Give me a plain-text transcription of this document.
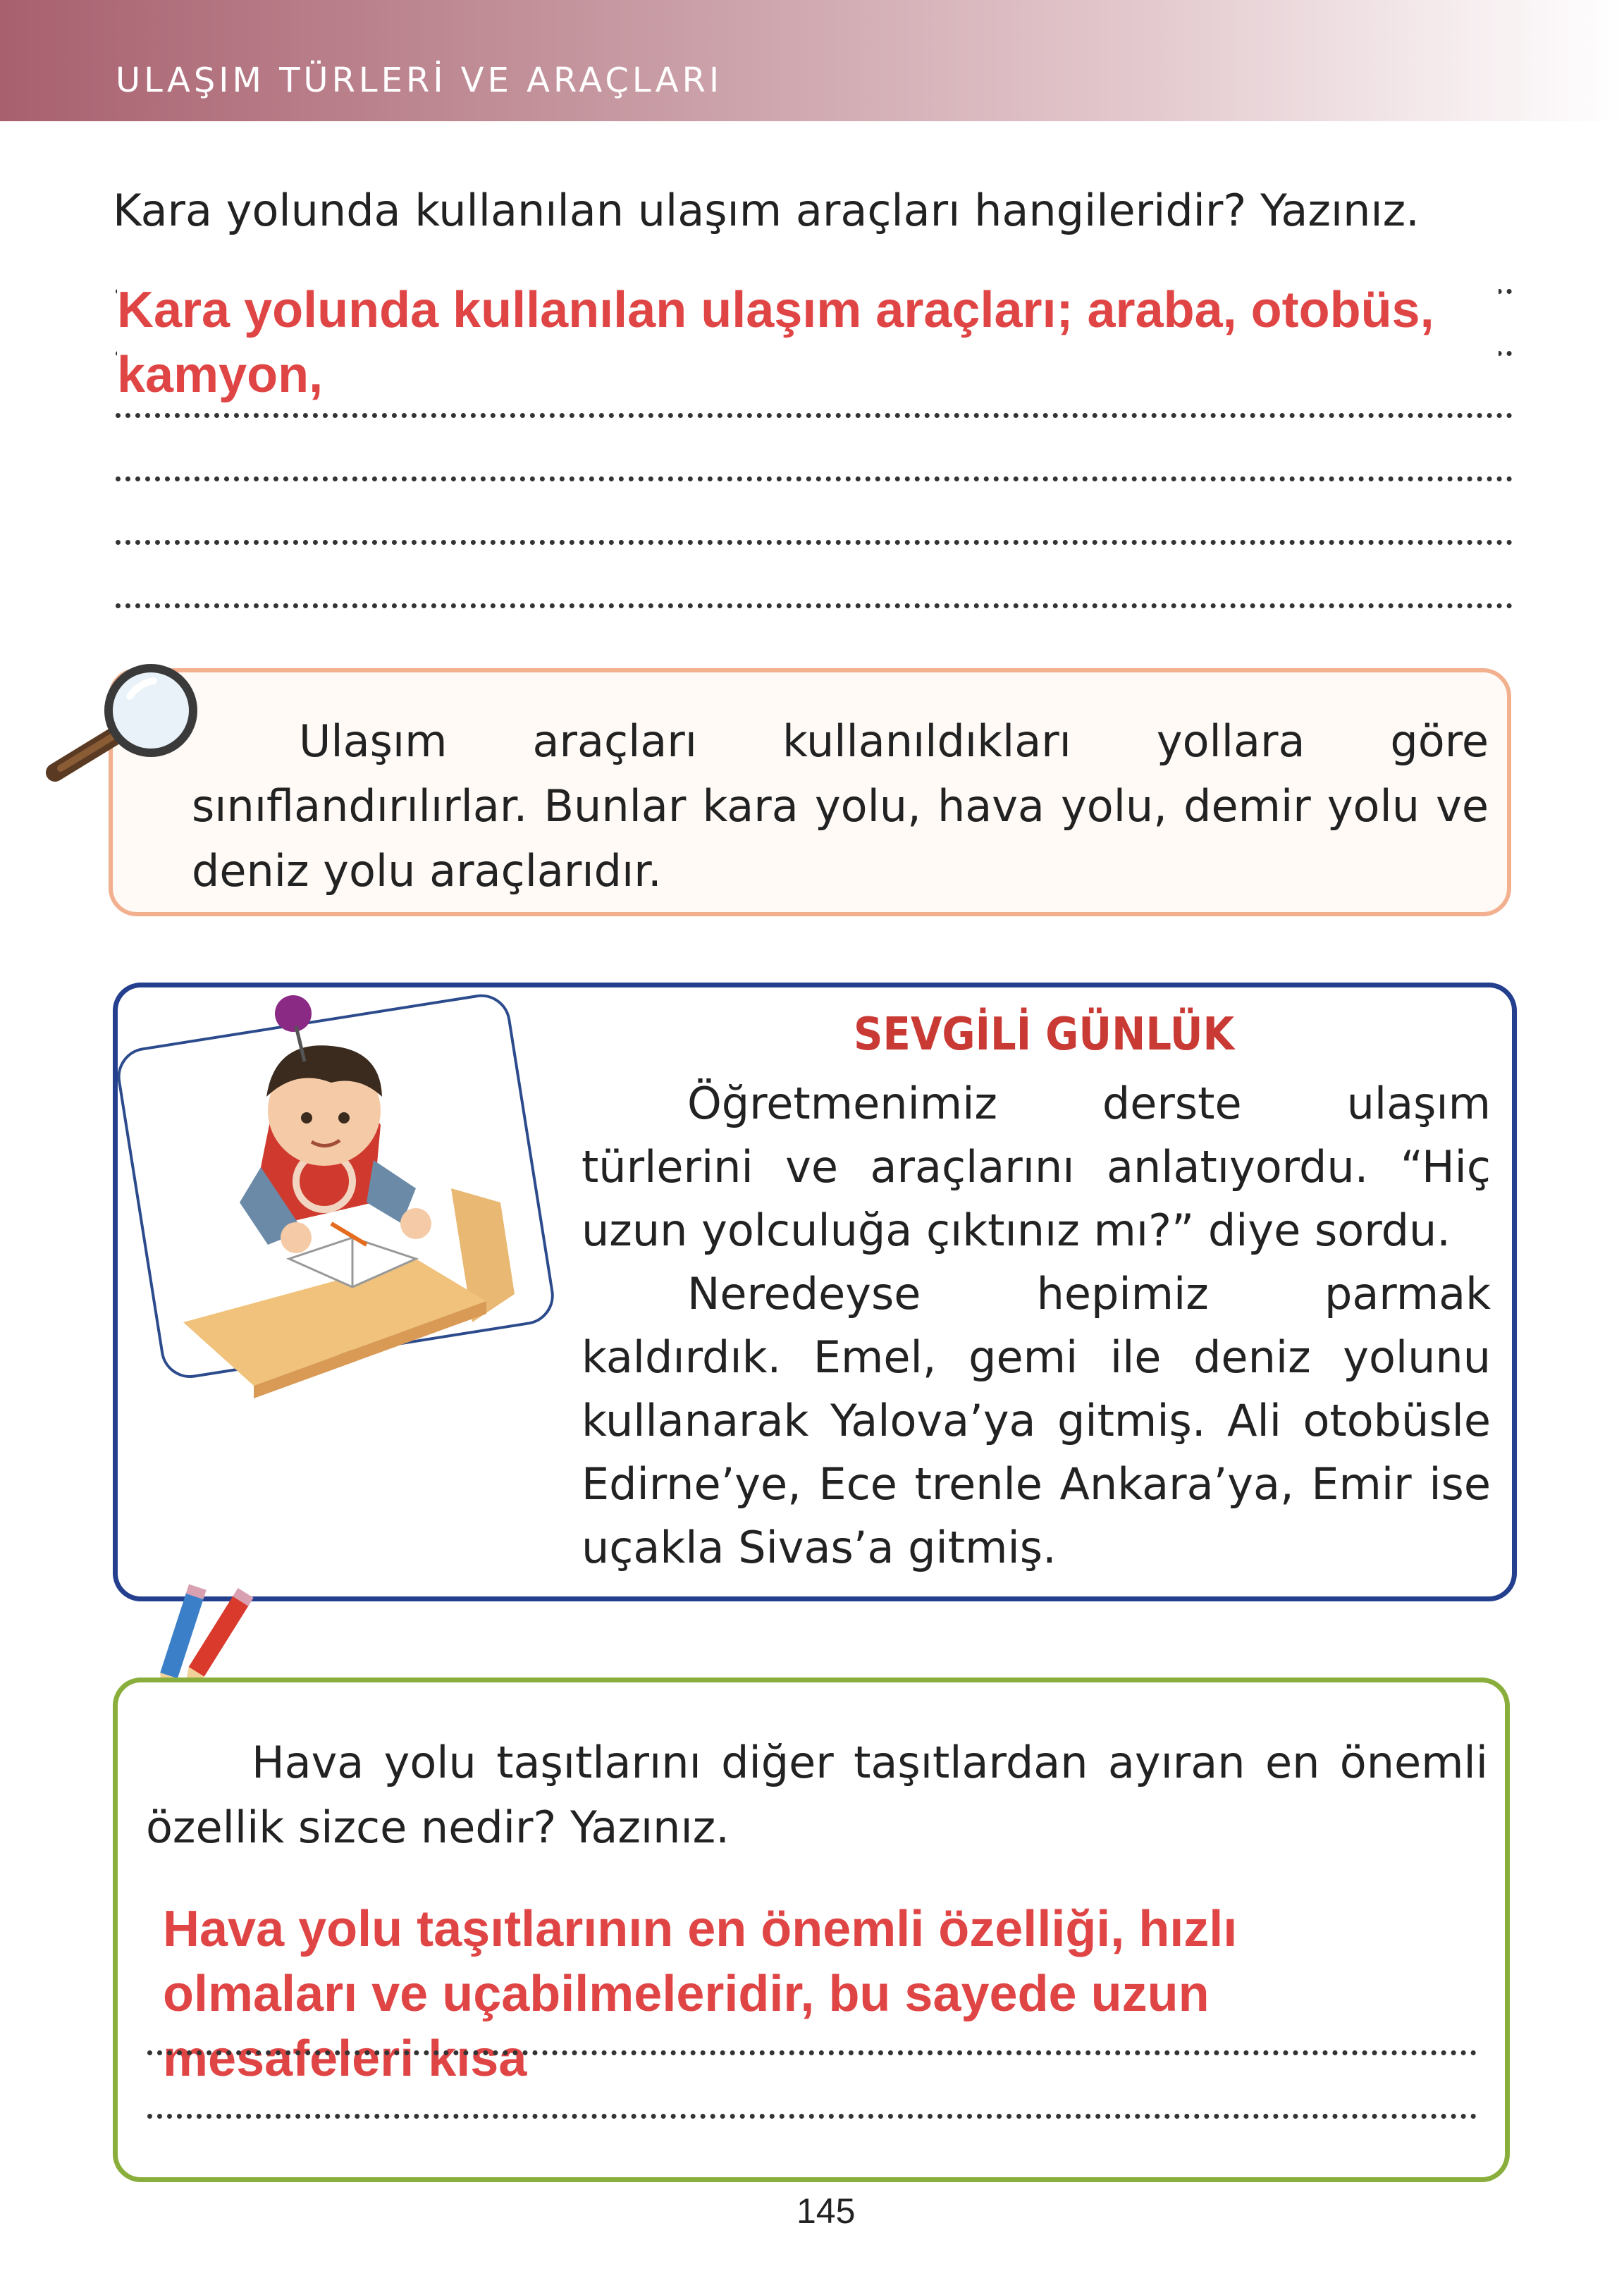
ULAŞIM TÜRLERİ VE ARAÇLARI
Kara yolunda kullanılan ulaşım araçları hangileridir? Yazınız.
Kara yolunda kullanılan ulaşım araçları; araba, otobüs, kamyon,
Ulaşım araçları kullanıldıkları yollara göre sınıflandırılırlar. Bunlar kara yolu, hava yolu, demir yolu ve deniz yolu araçlarıdır.
SEVGİLİ GÜNLÜK

Öğretmenimiz derste ulaşım türlerini ve araçlarını anlatıyordu. “Hiç uzun yolculuğa çıktınız mı?” diye sordu.

Neredeyse hepimiz parmak kaldırdık. Emel, gemi ile deniz yolunu kullanarak Yalova’ya gitmiş. Ali otobüsle Edirne’ye, Ece trenle Ankara’ya, Emir ise uçakla Sivas’a gitmiş.

Hava yolu taşıtlarını diğer taşıtlardan ayıran en önemli özellik sizce nedir? Yazınız.
Hava yolu taşıtlarının en önemli özelliği, hızlı olmaları ve uçabilmeleridir, bu sayede uzun mesafeleri kısa
145
